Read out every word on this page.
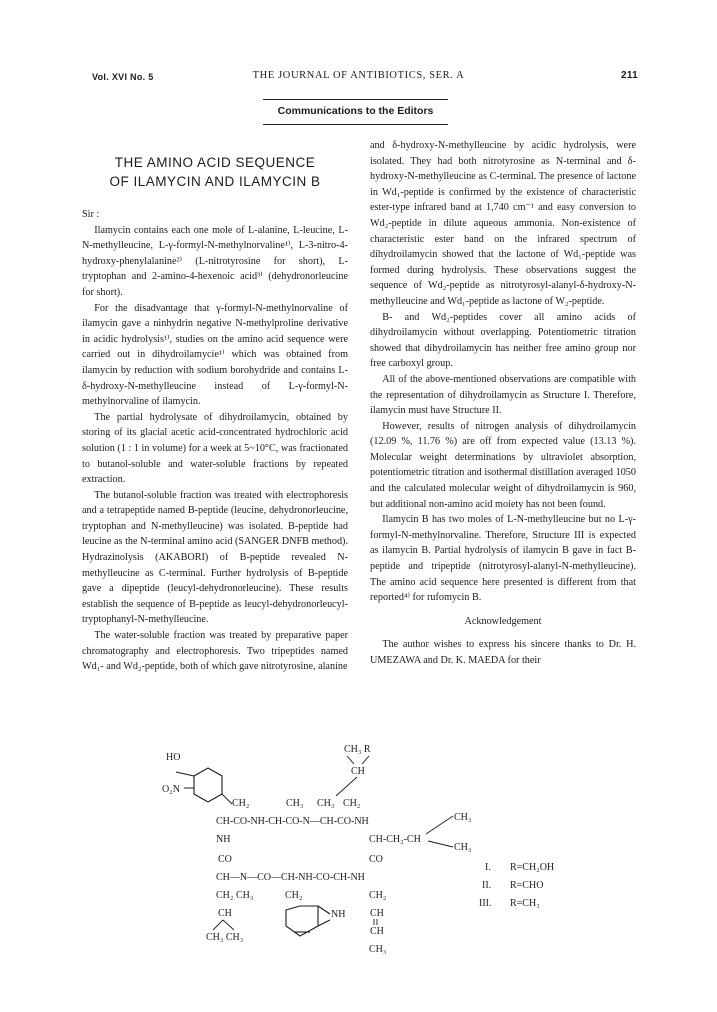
Vol. XVI No. 5	THE JOURNAL OF ANTIBIOTICS, SER. A	211
Communications to the Editors
THE AMINO ACID SEQUENCE
OF ILAMYCIN AND ILAMYCIN B

Sir :

Ilamycin contains each one mole of L-alanine, L-leucine, L-N-methylleucine, L-γ-formyl-N-methylnorvaline¹⁾, L-3-nitro-4-hydroxy-phenylalanine²⁾ (L-nitrotyrosine for short), L-tryptophan and 2-amino-4-hexenoic acid³⁾ (dehydronorleucine for short).

For the disadvantage that γ-formyl-N-methylnorvaline of ilamycin gave a ninhydrin negative N-methylproline derivative in acidic hydrolysis¹⁾, studies on the amino acid sequence were carried out in dihydroilamycie¹⁾ which was obtained from ilamycin by reduction with sodium borohydride and contains L-δ-hydroxy-N-methylleucine instead of L-γ-formyl-N-methylnorvaline of ilamycin.

The partial hydrolysate of dihydroilamycin, obtained by storing of its glacial acetic acid-concentrated hydrochloric acid solution (1 : 1 in volume) for a week at 5~10°C, was fractionated to butanol-soluble and water-soluble fractions by repeated extraction.

The butanol-soluble fraction was treated with electrophoresis and a tetrapeptide named B-peptide (leucine, dehydronorleucine, tryptophan and N-methylleucine) was isolated. B-peptide had leucine as the N-terminal amino acid (SANGER DNFB method). Hydrazinolysis (AKABORI) of B-peptide revealed N-methylleucine as C-terminal. Further hydrolysis of B-peptide gave a dipeptide (leucyl-dehydronorleucine). These results establish the sequence of B-peptide as leucyl-dehydronorleucyl-tryptophanyl-N-methylleucine.

The water-soluble fraction was treated by preparative paper chromatography and electrophoresis. Two tripeptides named Wd₁- and Wd₂-peptide, both of which gave nitrotyrosine, alanine

and δ-hydroxy-N-methylleucine by acidic hydrolysis, were isolated. They had both nitrotyrosine as N-terminal and δ-hydroxy-N-methylleucine as C-terminal. The presence of lactone in Wd₁-peptide is confirmed by the existence of characteristic ester-type infrared band at 1,740 cm⁻¹ and easy conversion to Wd₂-peptide in dilute aqueous ammonia. Non-existence of characteristic ester band on the infrared spectrum of dihydroilamycin showed that the lactone of Wd₁-peptide was formed during hydrolysis. These observations suggest the sequence of Wd₂-peptide as nitrotyrosyl-alanyl-δ-hydroxy-N-methylleucine and Wd₁-peptide as lactone of W₂-peptide.

B- and Wd₂-peptides cover all amino acids of dihydroilamycin without overlapping. Potentiometric titration showed that dihydroilamycin has neither free amino group nor free carboxyl group.

All of the above-mentioned observations are compatible with the representation of dihydroilamycin as Structure I. Therefore, ilamycin must have Structure II.

However, results of nitrogen analysis of dihydroilamycin (12.09 %, 11.76 %) are off from expected value (13.13 %). Molecular weight determinations by ultraviolet absorption, potentiometric titration and isothermal distillation averaged 1050 and the calculated molecular weight of dihydroilamycin is 960, but additional non-amino acid moiety has not been found.

Ilamycin B has two moles of L-N-methylleucine but no L-γ-formyl-N-methylnorvaline. Therefore, Structure III is expected as ilamycin B. Partial hydrolysis of ilamycin B gave in fact B-peptide and tripeptide (nitrotyrosyl-alanyl-N-methylleucine). The amino acid sequence here presented is different from that reported⁴⁾ for rufomycin B.

Acknowledgement

The author wishes to express his sincere thanks to Dr. H. UMEZAWA and Dr. K. MAEDA for their

HO
O₂N
CH₃ R
CH
CH₂	CH₃ CH₃ CH₂
CH-CO-NH-CH-CO-N—CH-CO-NH	CH₃
NH	CH-CH₂-CH
CH₃
CO	CO
CH—N—CO—CH-NH-CO-CH-NH
CH₂ CH₃	CH₂	CH₂
CH
CH₃ CH₃
NH CH
CH
CH₃
I. R=CH₂OH
II. R=CHO
III. R=CH₃
